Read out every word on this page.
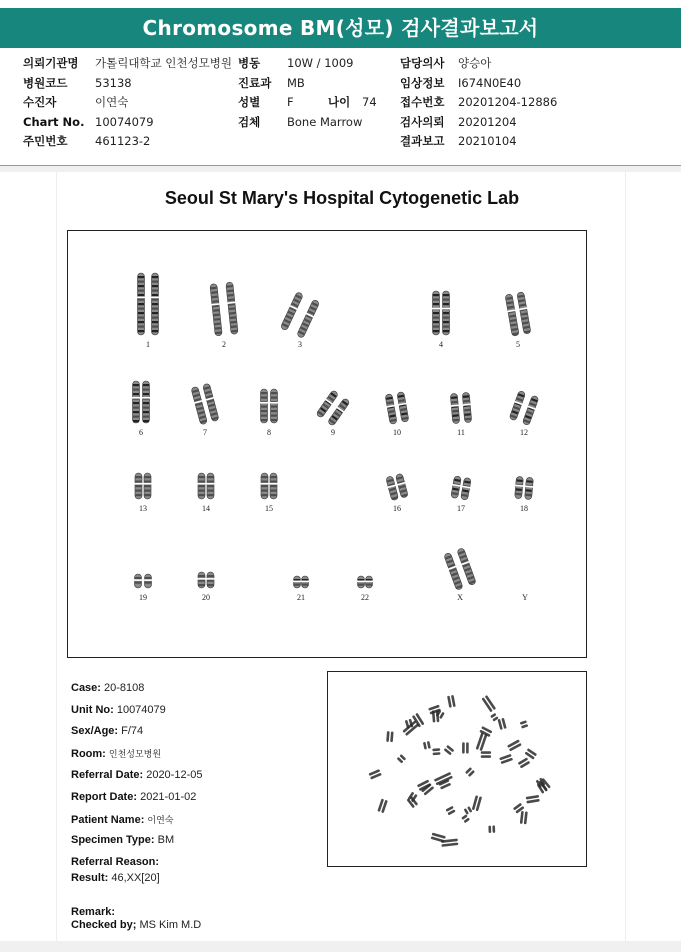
Chromosome BM(성모) 검사결과보고서
의뢰기관명 가톨릭대학교 인천성모병원 병동 10W / 1009	담당의사 양승아
병원코드 53138	진료과 MB	임상정보 I674N0E40
수진자	이연숙	성별 F	나이 74 접수번호 20201204-12886
Chart No. 10074079	검체 Bone Marrow	검사의뢰 20201204
주민번호 461123-2	결과보고 20210104
Seoul St Mary's Hospital Cytogenetic Lab
1	2	3	4	5
6	7	8	9	10	11	12
13	14	15	16	17	18
19	20	21	22	X	Y
Case: 20-8108
Unit No: 10074079
Sex/Age: F/74
Room: 인천성모병원
Referral Date: 2020-12-05
Report Date: 2021-01-02
Patient Name: 이연숙
Specimen Type: BM
Referral Reason:
Result: 46,XX[20]
Remark:
Checked by; MS Kim M.D
